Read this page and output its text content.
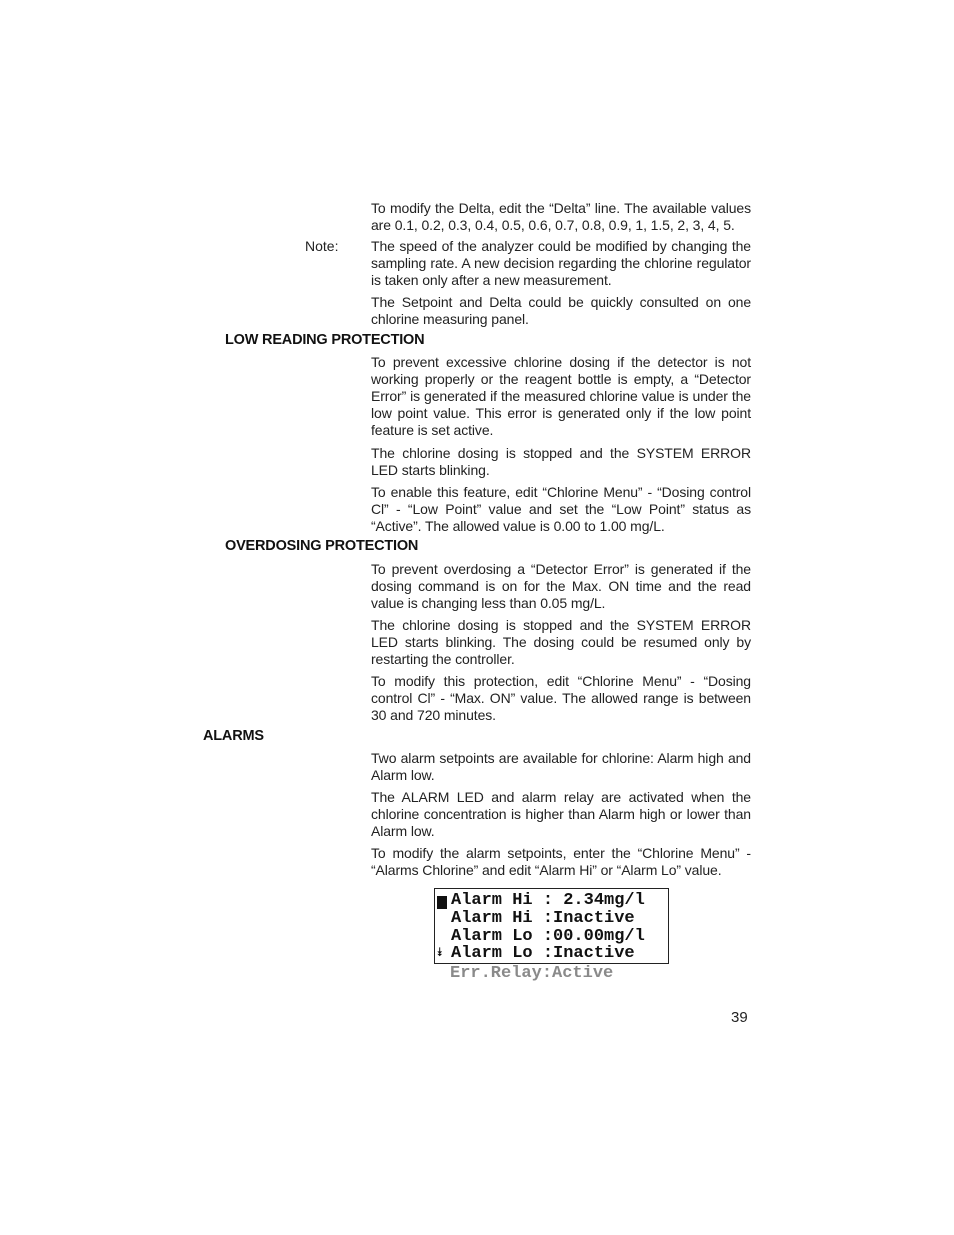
To modify the Delta, edit the “Delta” line. The available values are 0.1, 0.2, 0.3, 0.4, 0.5, 0.6, 0.7, 0.8, 0.9, 1, 1.5, 2, 3, 4, 5.

Note: The speed of the analyzer could be modified by changing the sampling rate. A new decision regarding the chlorine regulator is taken only after a new measurement.

The Setpoint and Delta could be quickly consulted on one chlorine measuring panel.

LOW READING PROTECTION

To prevent excessive chlorine dosing if the detector is not working properly or the reagent bottle is empty, a “Detector Error” is generated if the measured chlorine value is under the low point value. This error is generated only if the low point feature is set active.

The chlorine dosing is stopped and the SYSTEM ERROR LED starts blinking.

To enable this feature, edit “Chlorine Menu” - “Dosing control Cl” - “Low Point” value and set the “Low Point” status as “Active”. The allowed value is 0.00 to 1.00 mg/L.

OVERDOSING PROTECTION

To prevent overdosing a “Detector Error” is generated if the dosing command is on for the Max. ON time and the read value is changing less than 0.05 mg/L.

The chlorine dosing is stopped and the SYSTEM ERROR LED starts blinking. The dosing could be resumed only by restarting the controller.

To modify this protection, edit “Chlorine Menu” - “Dosing control Cl” - “Max. ON” value. The allowed range is between 30 and 720 minutes.

ALARMS

Two alarm setpoints are available for chlorine: Alarm high and Alarm low.

The ALARM LED and alarm relay are activated when the chlorine concentration is higher than Alarm high or lower than Alarm low.

To modify the alarm setpoints, enter the “Chlorine Menu” - “Alarms Chlorine” and edit “Alarm Hi” or “Alarm Lo” value.

Alarm Hi : 2.34mg/l
Alarm Hi :Inactive
Alarm Lo :00.00mg/l
⯯ Alarm Lo :Inactive
Err.Relay:Active

39
